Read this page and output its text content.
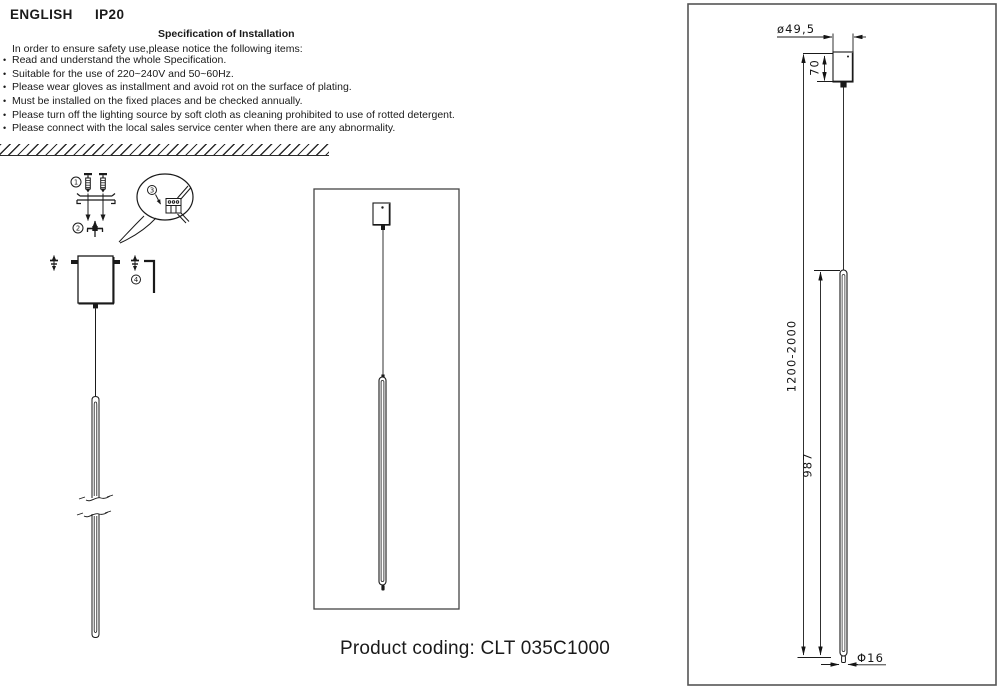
ENGLISH IP20
Specification of Installation
In order to ensure safety use,please notice the following items:
• Read and understand the whole Specification.
• Suitable for the use of 220~240V and 50~60Hz.
• Please wear gloves as installment and avoid rot on the surface of plating.
• Must be installed on the fixed places and be checked annually.
• Please turn off the lighting source by soft cloth as cleaning prohibited to use of rotted detergent.
• Please connect with the local sales service center when there are any abnormality.
1
2
3
4
Product coding: CLT 035C1000
ø49,5
70
1200-2000
987
Φ16
